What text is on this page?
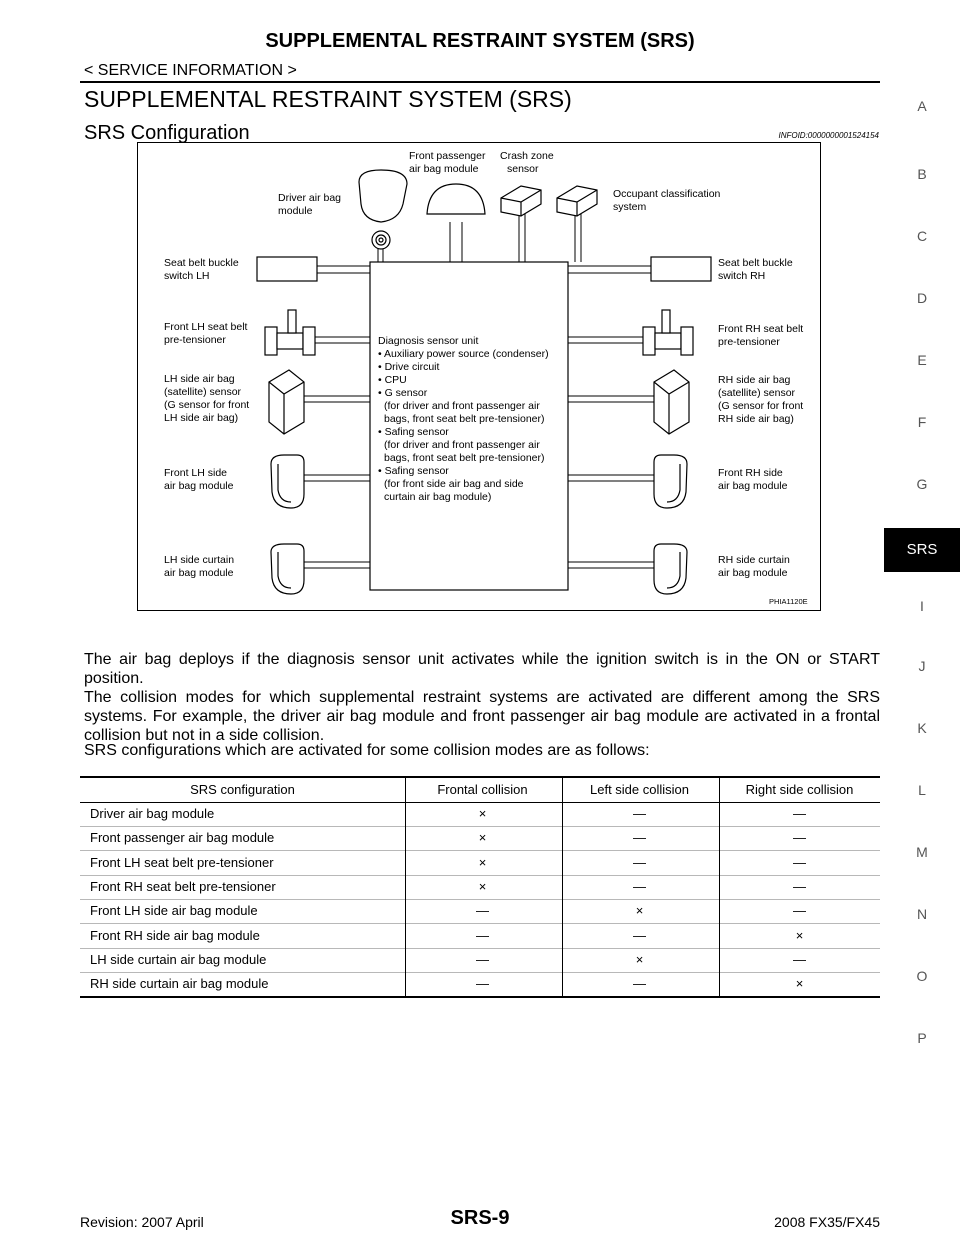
SUPPLEMENTAL RESTRAINT SYSTEM (SRS)
< SERVICE INFORMATION >
SUPPLEMENTAL RESTRAINT SYSTEM (SRS)
SRS Configuration	INFOID:0000000001524154
Diagnosis sensor unit
• Auxiliary power source (condenser)
• Drive circuit
• CPU
• G sensor
(for driver and front passenger air
bags, front seat belt pre-tensioner)
• Safing sensor
(for driver and front passenger air
bags, front seat belt pre-tensioner)
• Safing sensor
(for front side air bag and side
curtain air bag module)
Front passenger
air bag module
Crash zone
sensor
Driver air bag
module
Occupant classification
system
Seat belt buckle
switch LH
Front LH seat belt
pre-tensioner
LH side air bag
(satellite) sensor
(G sensor for front
LH side air bag)
Front LH side
air bag module
LH side curtain
air bag module
Seat belt buckle
switch RH
Front RH seat belt
pre-tensioner
RH side air bag
(satellite) sensor
(G sensor for front
RH side air bag)
Front RH side
air bag module
RH side curtain
air bag module
PHIA1120E
The air bag deploys if the diagnosis sensor unit activates while the ignition switch is in the ON or START position.
The collision modes for which supplemental restraint systems are activated are different among the SRS systems. For example, the driver air bag module and front passenger air bag module are activated in a frontal collision but not in a side collision.
SRS configurations which are activated for some collision modes are as follows:
SRS configuration	Frontal collision	Left side collision	Right side collision
Driver air bag module	×	—	—
Front passenger air bag module	×	—	—
Front LH seat belt pre-tensioner	×	—	—
Front RH seat belt pre-tensioner	×	—	—
Front LH side air bag module	—	×	—
Front RH side air bag module	—	—	×
LH side curtain air bag module	—	×	—
RH side curtain air bag module	—	—	×
A
B
C
D
E
F
G
SRS
I
J
K
L
M
N
O
P
Revision: 2007 April	SRS-9	2008 FX35/FX45
